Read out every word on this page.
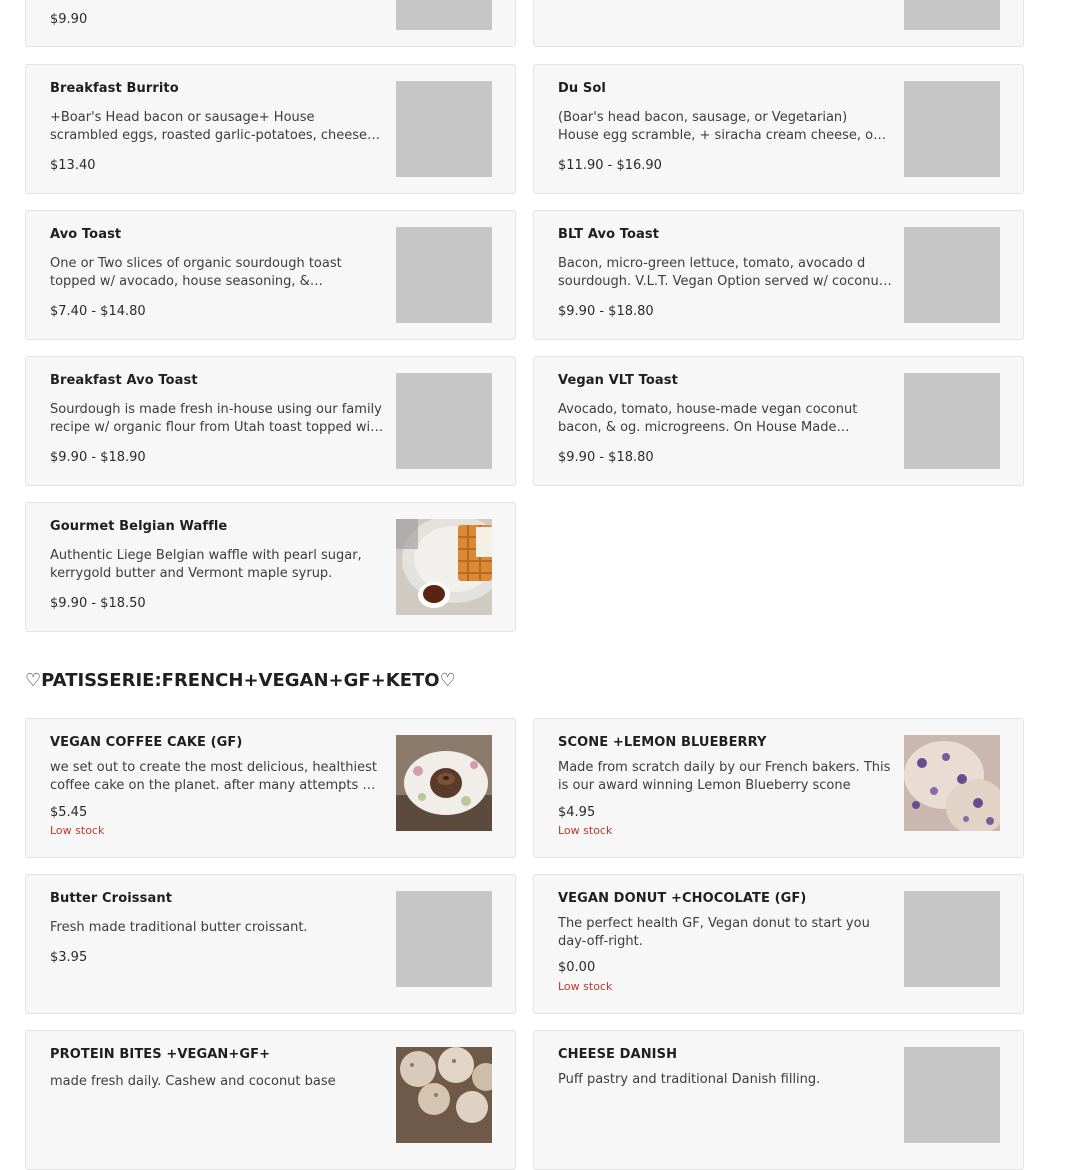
$9.90
Breakfast Burrito
+Boar's Head bacon or sausage+ House scrambled eggs, roasted garlic-potatoes, cheese,
$13.40
Du Sol
(Boar's head bacon, sausage, or Vegetarian) House egg scramble, + siracha cream cheese, on
$11.90 - $16.90
Avo Toast
One or Two slices of organic sourdough toast topped w/ avocado, house seasoning, &
$7.40 - $14.80
BLT Avo Toast
Bacon, micro-green lettuce, tomato, avocado d sourdough. V.L.T. Vegan Option served w/ coconut
$9.90 - $18.80
Breakfast Avo Toast
Sourdough is made fresh in-house using our family recipe w/ organic flour from Utah toast topped with
$9.90 - $18.90
Vegan VLT Toast
Avocado, tomato, house-made vegan coconut bacon, & og. microgreens. On House Made
$9.90 - $18.80
Gourmet Belgian Waffle
Authentic Liege Belgian waffle with pearl sugar, kerrygold butter and Vermont maple syrup.
$9.90 - $18.50
♡PATISSERIE:FRENCH+VEGAN+GF+KETO♡
VEGAN COFFEE CAKE (GF)
we set out to create the most delicious, healthiest coffee cake on the planet. after many attempts we
$5.45
Low stock
SCONE +LEMON BLUEBERRY
Made from scratch daily by our French bakers. This is our award winning Lemon Blueberry scone
$4.95
Low stock
Butter Croissant
Fresh made traditional butter croissant.
$3.95
VEGAN DONUT +CHOCOLATE (GF)
The perfect health GF, Vegan donut to start you day-off-right.
$0.00
Low stock
PROTEIN BITES +VEGAN+GF+
made fresh daily. Cashew and coconut base
CHEESE DANISH
Puff pastry and traditional Danish filling.
